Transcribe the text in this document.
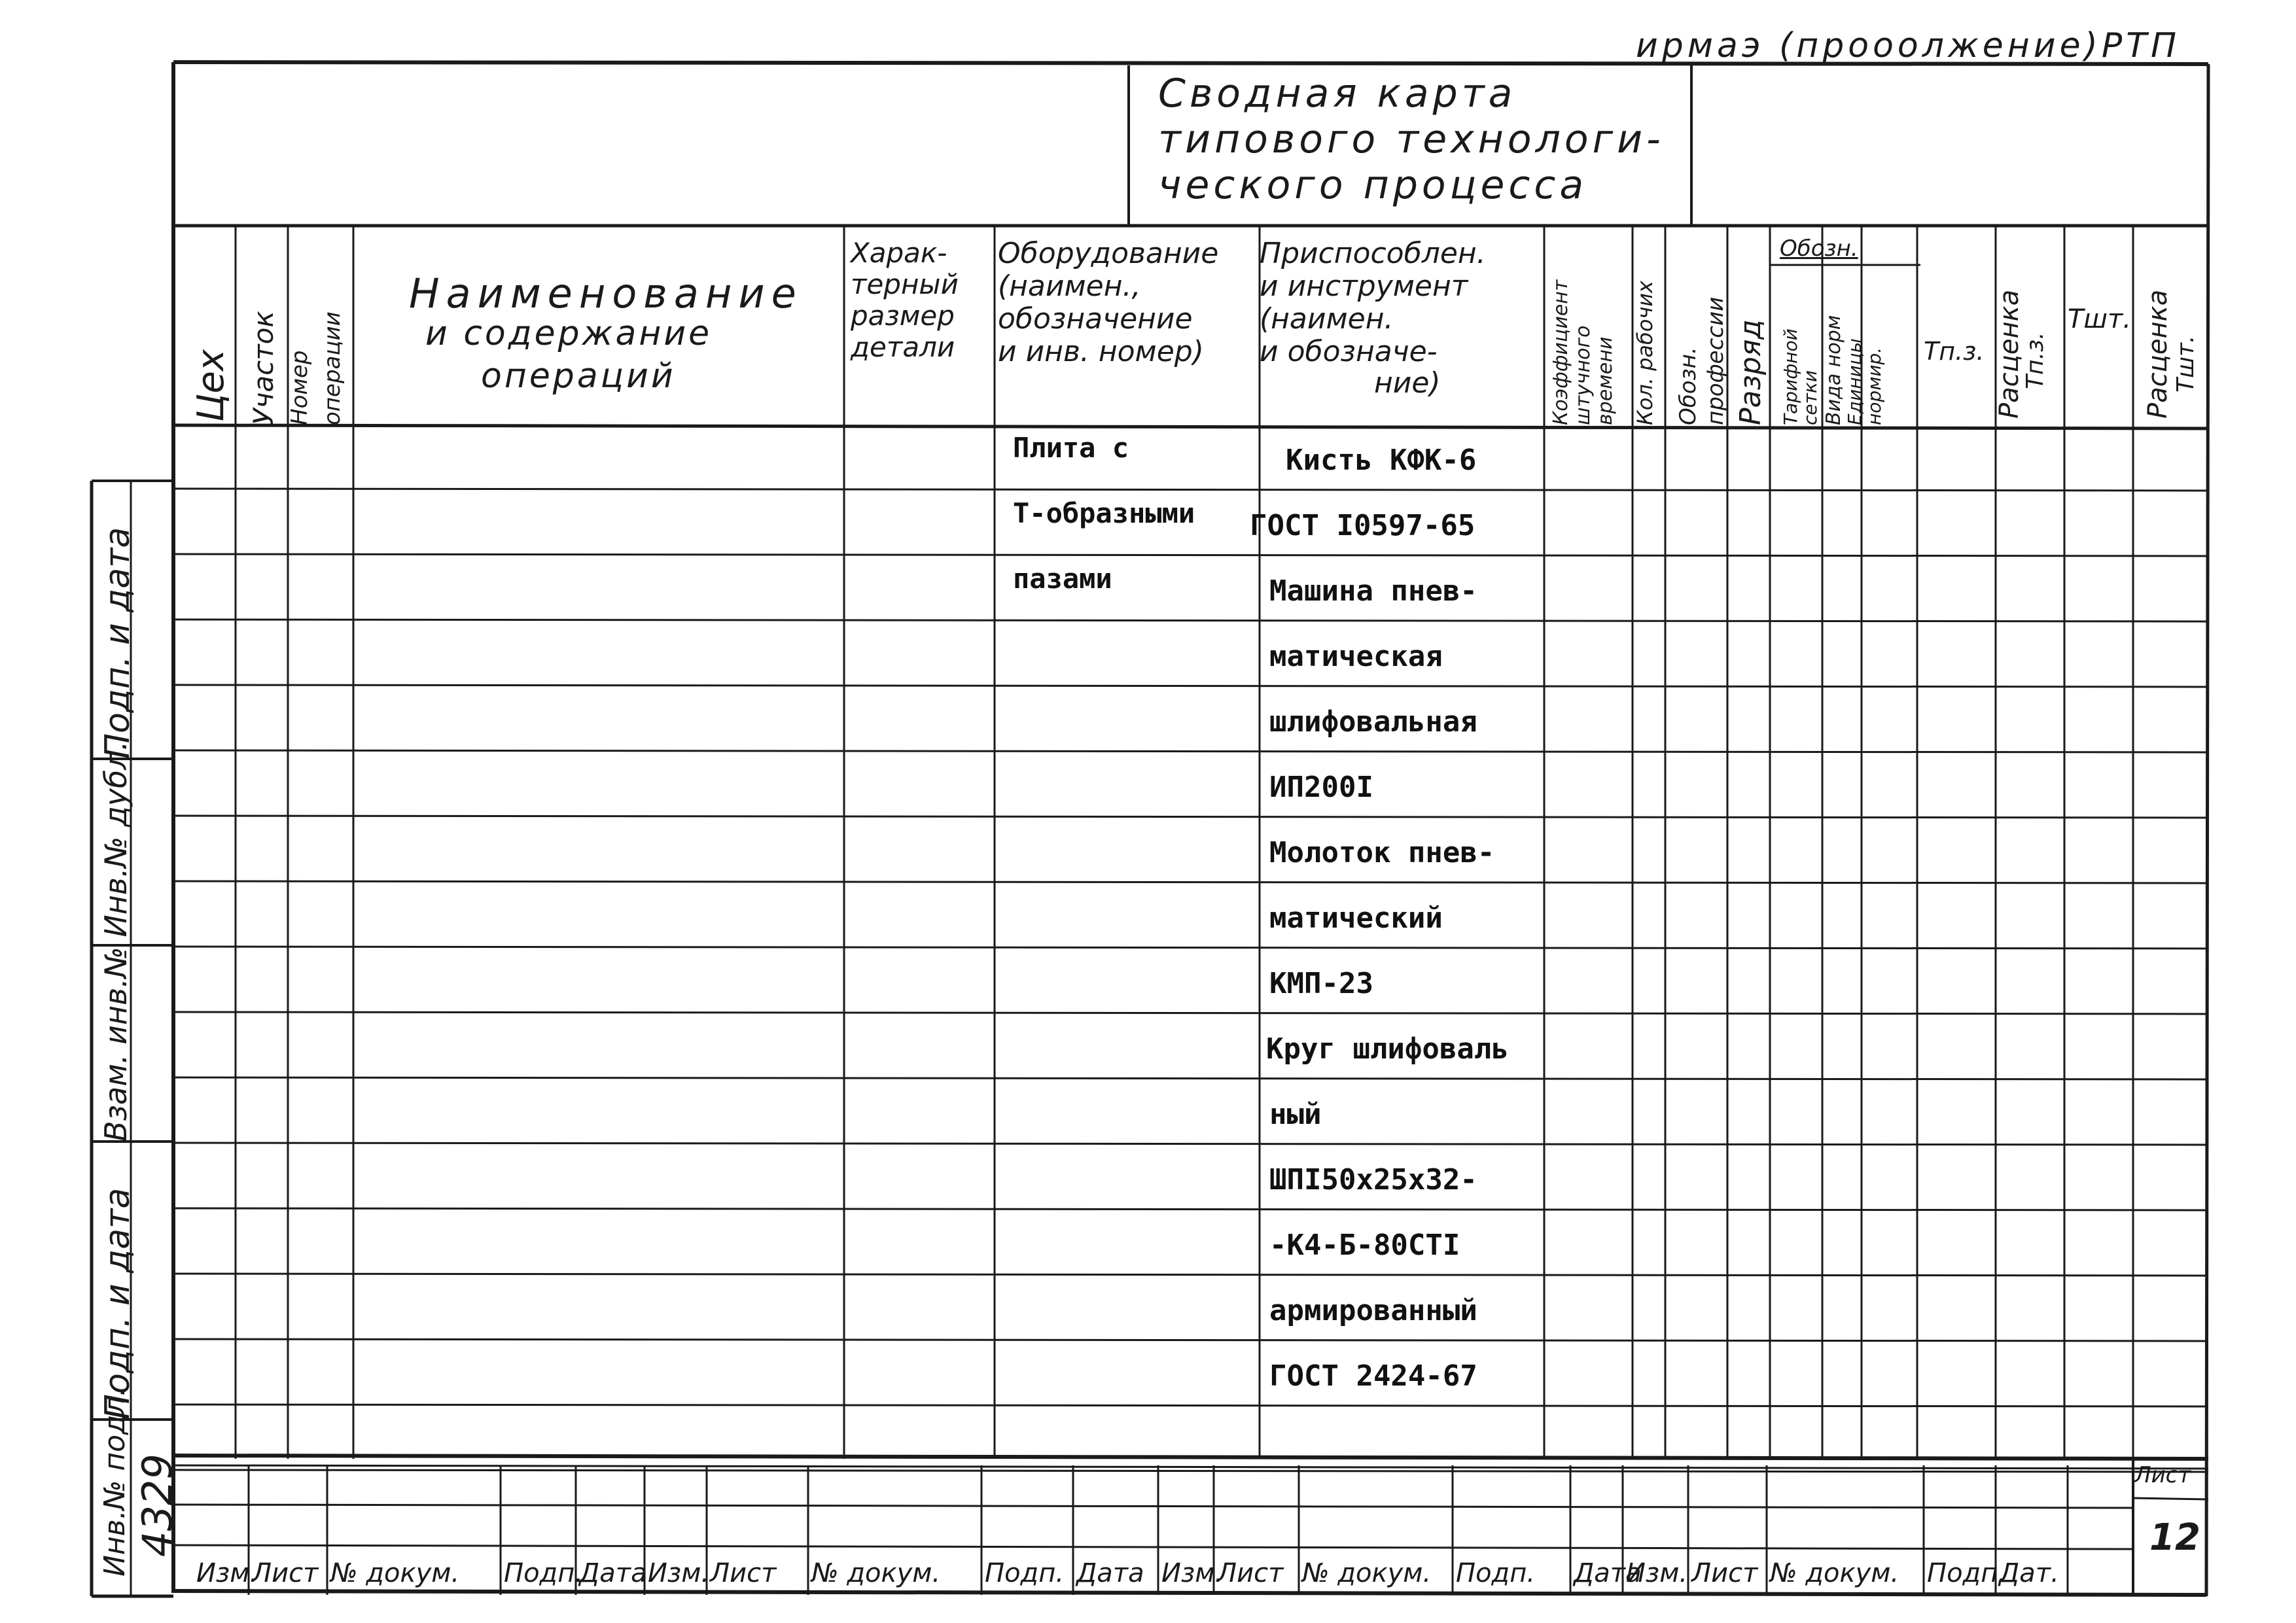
ирмаэ (прооолжение)РТП
Сводная карта
типового технологи-
ческого процесса
Цех Участок Номер операции
Наименование
и содержание
операций
Харак-
терный
размер
детали
Оборудование
(наимен.,
обозначение
и инв. номер)
Приспособлен.
и инструмент
(наимен.
и обозначе-
ние)	Коэффициент штучного времени Кол. рабочих Обозн. профессии Разряд
Обозн.
Тарифной
сетки Вида норм
Единицы
нормир. Тп.з. Расценка
Тп.з.
Тшт. Расценка Тшт.
Плита с
Т-образными
пазами
Кисть КФК-6
ГОСТ I0597-65
Машина пнев-
матическая
шлифовальная
ИП200I
Молоток пнев-
матический
КМП-23
Круг шлифоваль
ный
ШПI50х25х32-
-К4-Б-80СТI
армированный
ГОСТ 2424-67
Подп. и дата
Взам. инв.№ Инв.№ дубл.
Подп. и дата
Инв.№ подл. 4329
Изм.
Лист № докум. Подп.
Дата Изм. Лист № докум. Подп. Дата Изм.
Лист № докум. Подп. Дата
Изм. Лист № докум. Подп.
Дат.
Лист
12
